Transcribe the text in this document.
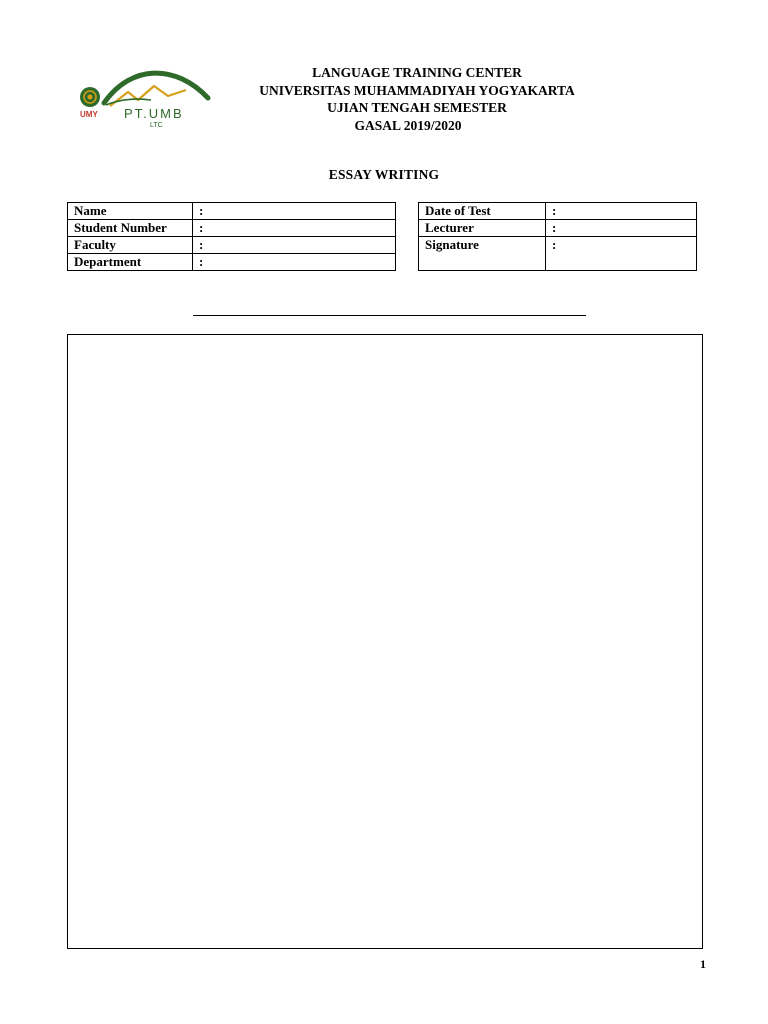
UMY PT.UMB
LTC
LANGUAGE TRAINING CENTER
UNIVERSITAS MUHAMMADIYAH YOGYAKARTA
UJIAN TENGAH SEMESTER
GASAL 2019/2020
ESSAY WRITING
Name	:
Student Number	:
Faculty	:
Department	:
Date of Test	:
Lecturer	:
Signature	:
1
